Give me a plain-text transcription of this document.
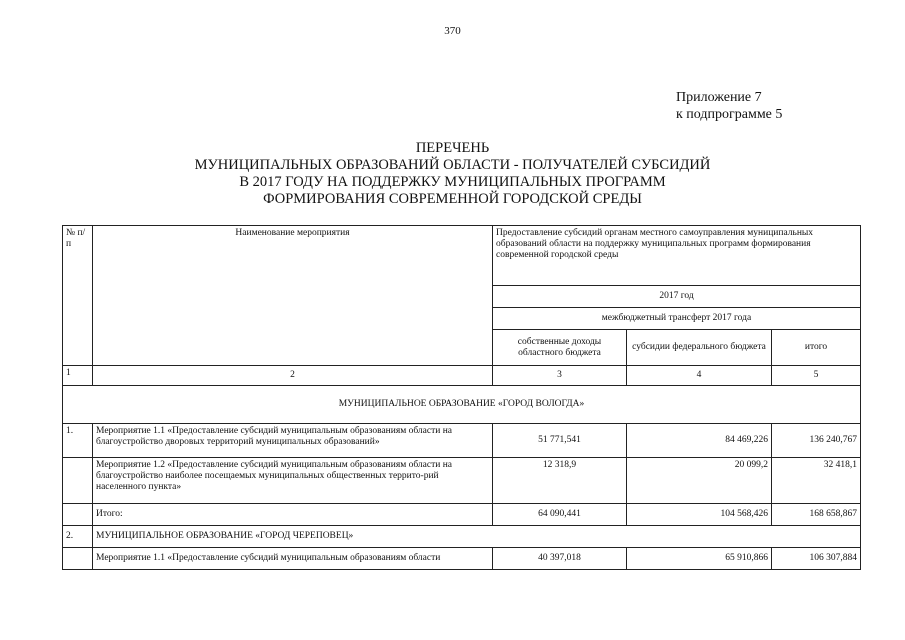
370
Приложение 7
к подпрограмме 5
ПЕРЕЧЕНЬ
МУНИЦИПАЛЬНЫХ ОБРАЗОВАНИЙ ОБЛАСТИ - ПОЛУЧАТЕЛЕЙ СУБСИДИЙ
В 2017 ГОДУ НА ПОДДЕРЖКУ МУНИЦИПАЛЬНЫХ ПРОГРАММ
ФОРМИРОВАНИЯ СОВРЕМЕННОЙ ГОРОДСКОЙ СРЕДЫ
№ п/п	Наименование мероприятия	Предоставление субсидий органам местного самоуправления муниципальных образований области на поддержку муниципальных программ формирования современной городской среды		
		2017 год		
		межбюджетный трансферт 2017 года		
		собственные доходы областного бюджета	субсидии федерального бюджета	итого
1	2	3	4	5
МУНИЦИПАЛЬНОЕ ОБРАЗОВАНИЕ «ГОРОД ВОЛОГДА»				
1.	Мероприятие 1.1 «Предоставление субсидий муниципальным образованиям области на благоустройство дворовых территорий муниципальных образований»	51 771,541	84 469,226	136 240,767
	Мероприятие 1.2 «Предоставление субсидий муниципальным образованиям области на благоустройство наиболее посещаемых муниципальных общественных террито-рий населенного пункта»	12 318,9	20 099,2	32 418,1
	Итого:	64 090,441	104 568,426	168 658,867
2.	МУНИЦИПАЛЬНОЕ ОБРАЗОВАНИЕ «ГОРОД ЧЕРЕПОВЕЦ»			
	Мероприятие 1.1 «Предоставление субсидий муниципальным образованиям области	40 397,018	65 910,866	106 307,884
